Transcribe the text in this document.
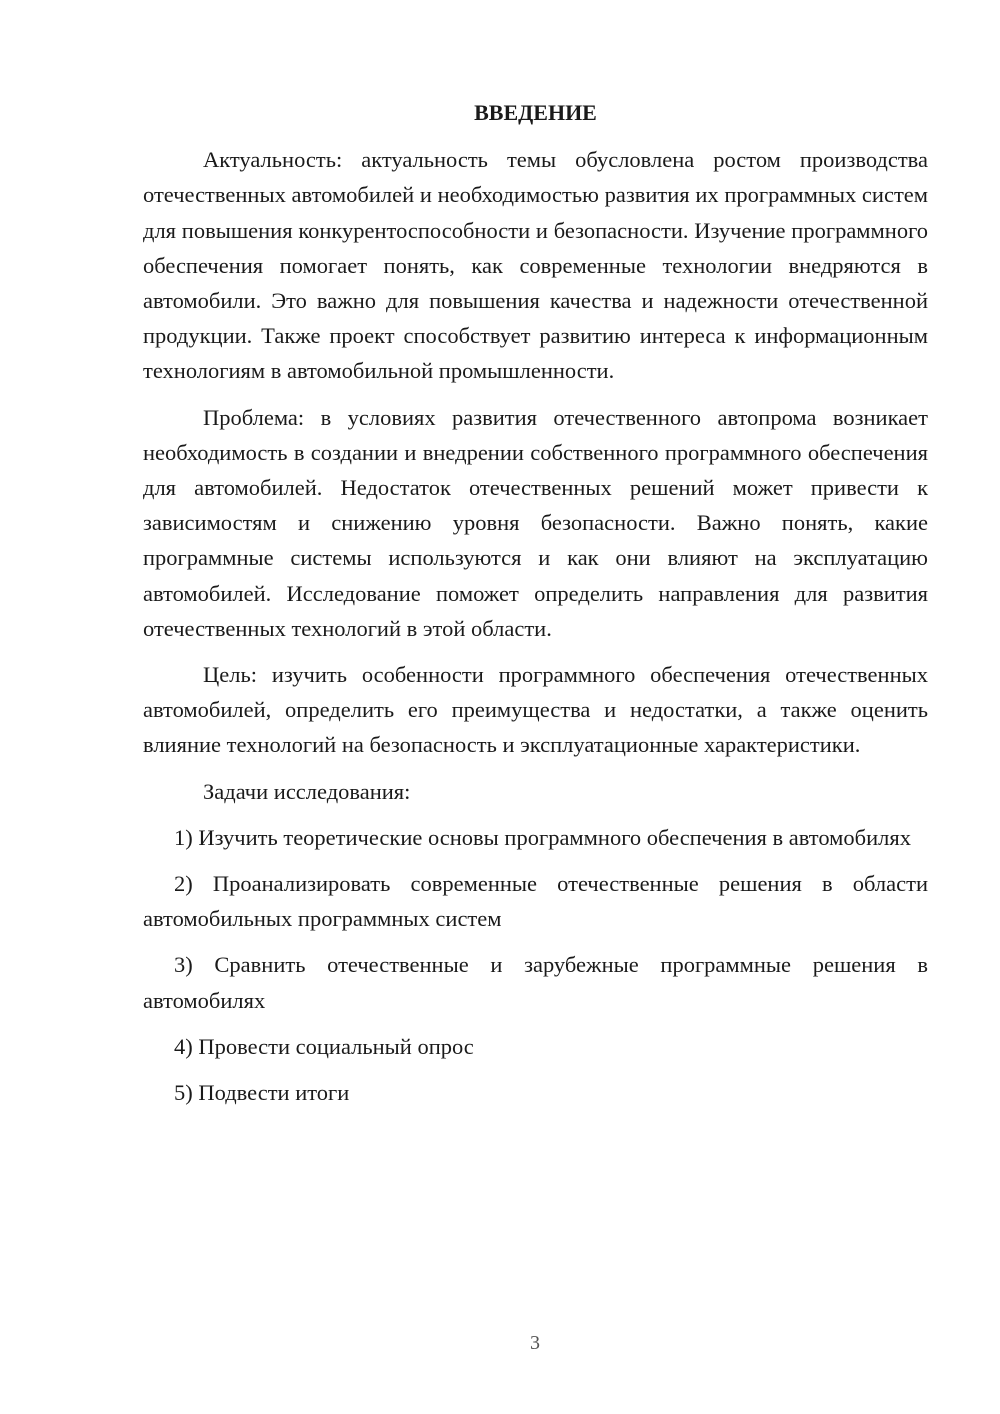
ВВЕДЕНИЕ

Актуальность: актуальность темы обусловлена ростом производства отечественных автомобилей и необходимостью развития их программных систем для повышения конкурентоспособности и безопасности. Изучение программного обеспечения помогает понять, как современные технологии внедряются в автомобили. Это важно для повышения качества и надежности отечественной продукции. Также проект способствует развитию интереса к информационным технологиям в автомобильной промышленности.

Проблема: в условиях развития отечественного автопрома возникает необходимость в создании и внедрении собственного программного обеспечения для автомобилей. Недостаток отечественных решений может привести к зависимостям и снижению уровня безопасности. Важно понять, какие программные системы используются и как они влияют на эксплуатацию автомобилей. Исследование поможет определить направления для развития отечественных технологий в этой области.

Цель: изучить особенности программного обеспечения отечественных автомобилей, определить его преимущества и недостатки, а также оценить влияние технологий на безопасность и эксплуатационные характеристики.

Задачи исследования:

1) Изучить теоретические основы программного обеспечения в автомобилях

2) Проанализировать современные отечественные решения в области автомобильных программных систем

3) Сравнить отечественные и зарубежные программные решения в автомобилях

4) Провести социальный опрос

5) Подвести итоги

3
